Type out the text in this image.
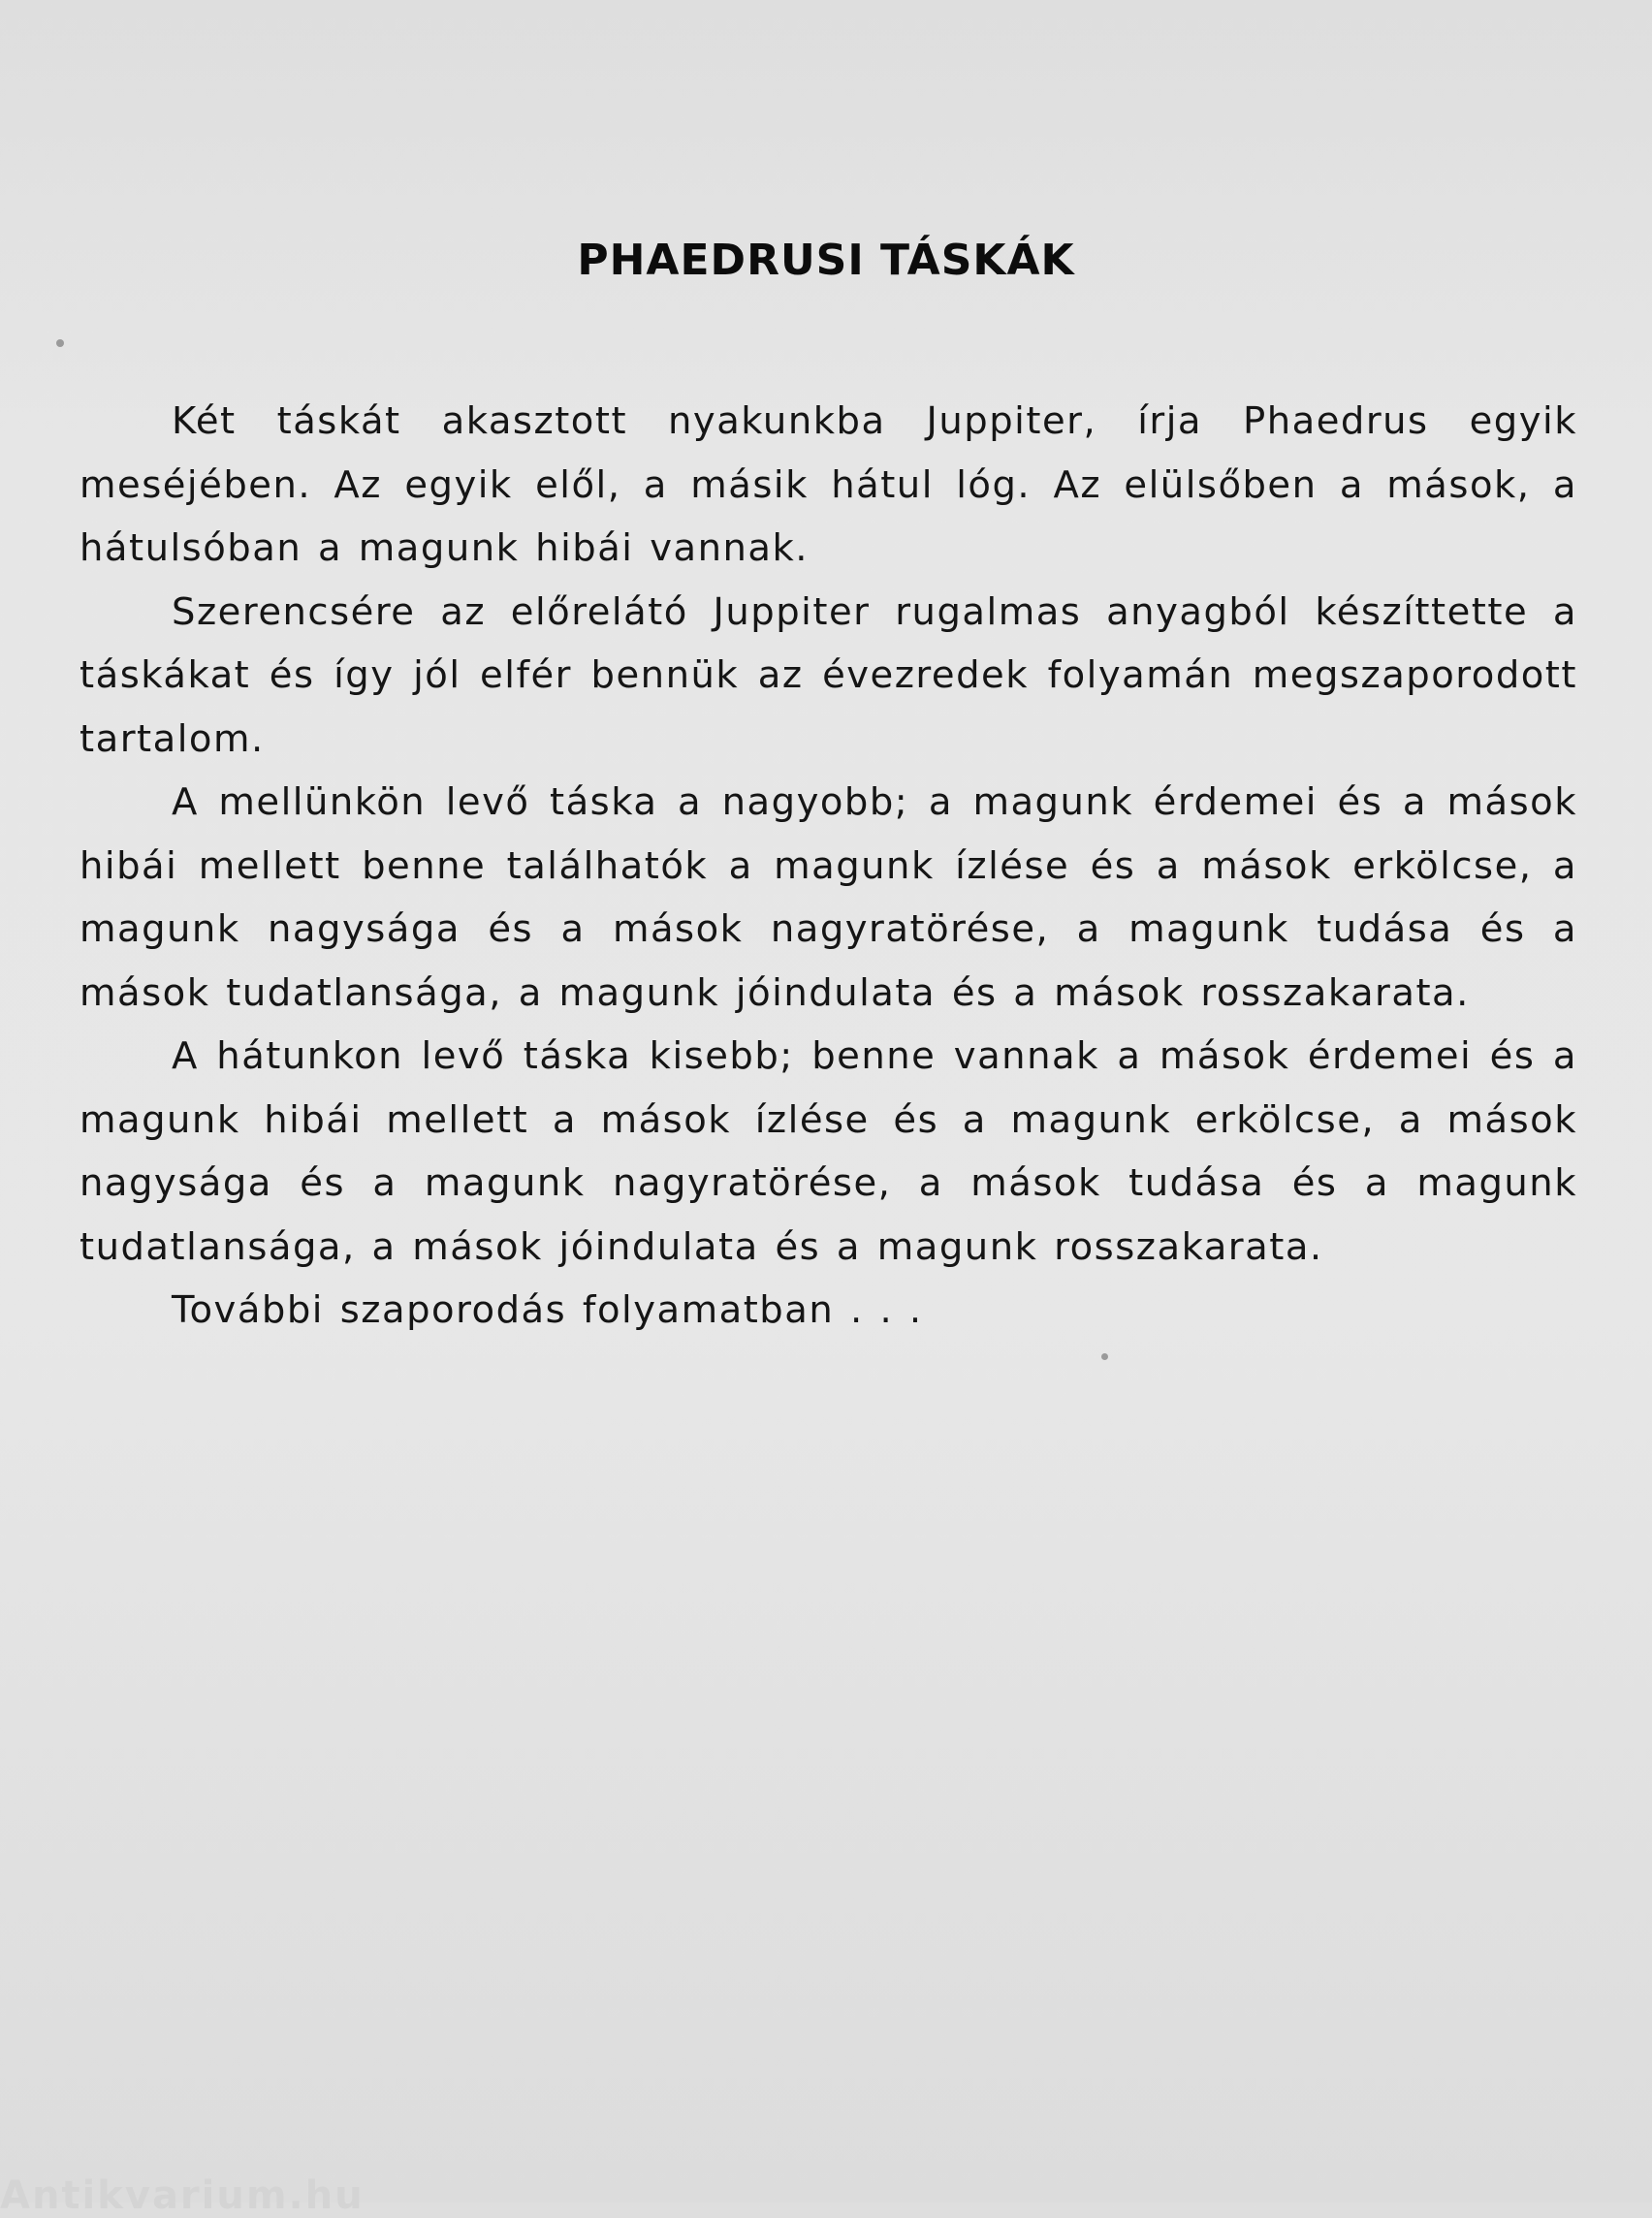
PHAEDRUSI TÁSKÁK

Két táskát akasztott nyakunkba Juppiter, írja Phaedrus egyik meséjében. Az egyik elől, a másik hátul lóg. Az elülsőben a mások, a hátulsóban a magunk hibái vannak.

Szerencsére az előrelátó Juppiter rugalmas anyagból készíttette a táskákat és így jól elfér bennük az évezredek folyamán megszaporodott tartalom.

A mellünkön levő táska a nagyobb; a magunk érdemei és a mások hibái mellett benne találhatók a magunk ízlése és a mások erkölcse, a magunk nagysága és a mások nagyratörése, a magunk tudása és a mások tudatlansága, a magunk jóindulata és a mások rosszakarata.

A hátunkon levő táska kisebb; benne vannak a mások érdemei és a magunk hibái mellett a mások ízlése és a magunk erkölcse, a mások nagysága és a magunk nagyratörése, a mások tudása és a magunk tudatlansága, a mások jóindulata és a magunk rosszakarata.

További szaporodás folyamatban . . .

Antikvarium.hu
